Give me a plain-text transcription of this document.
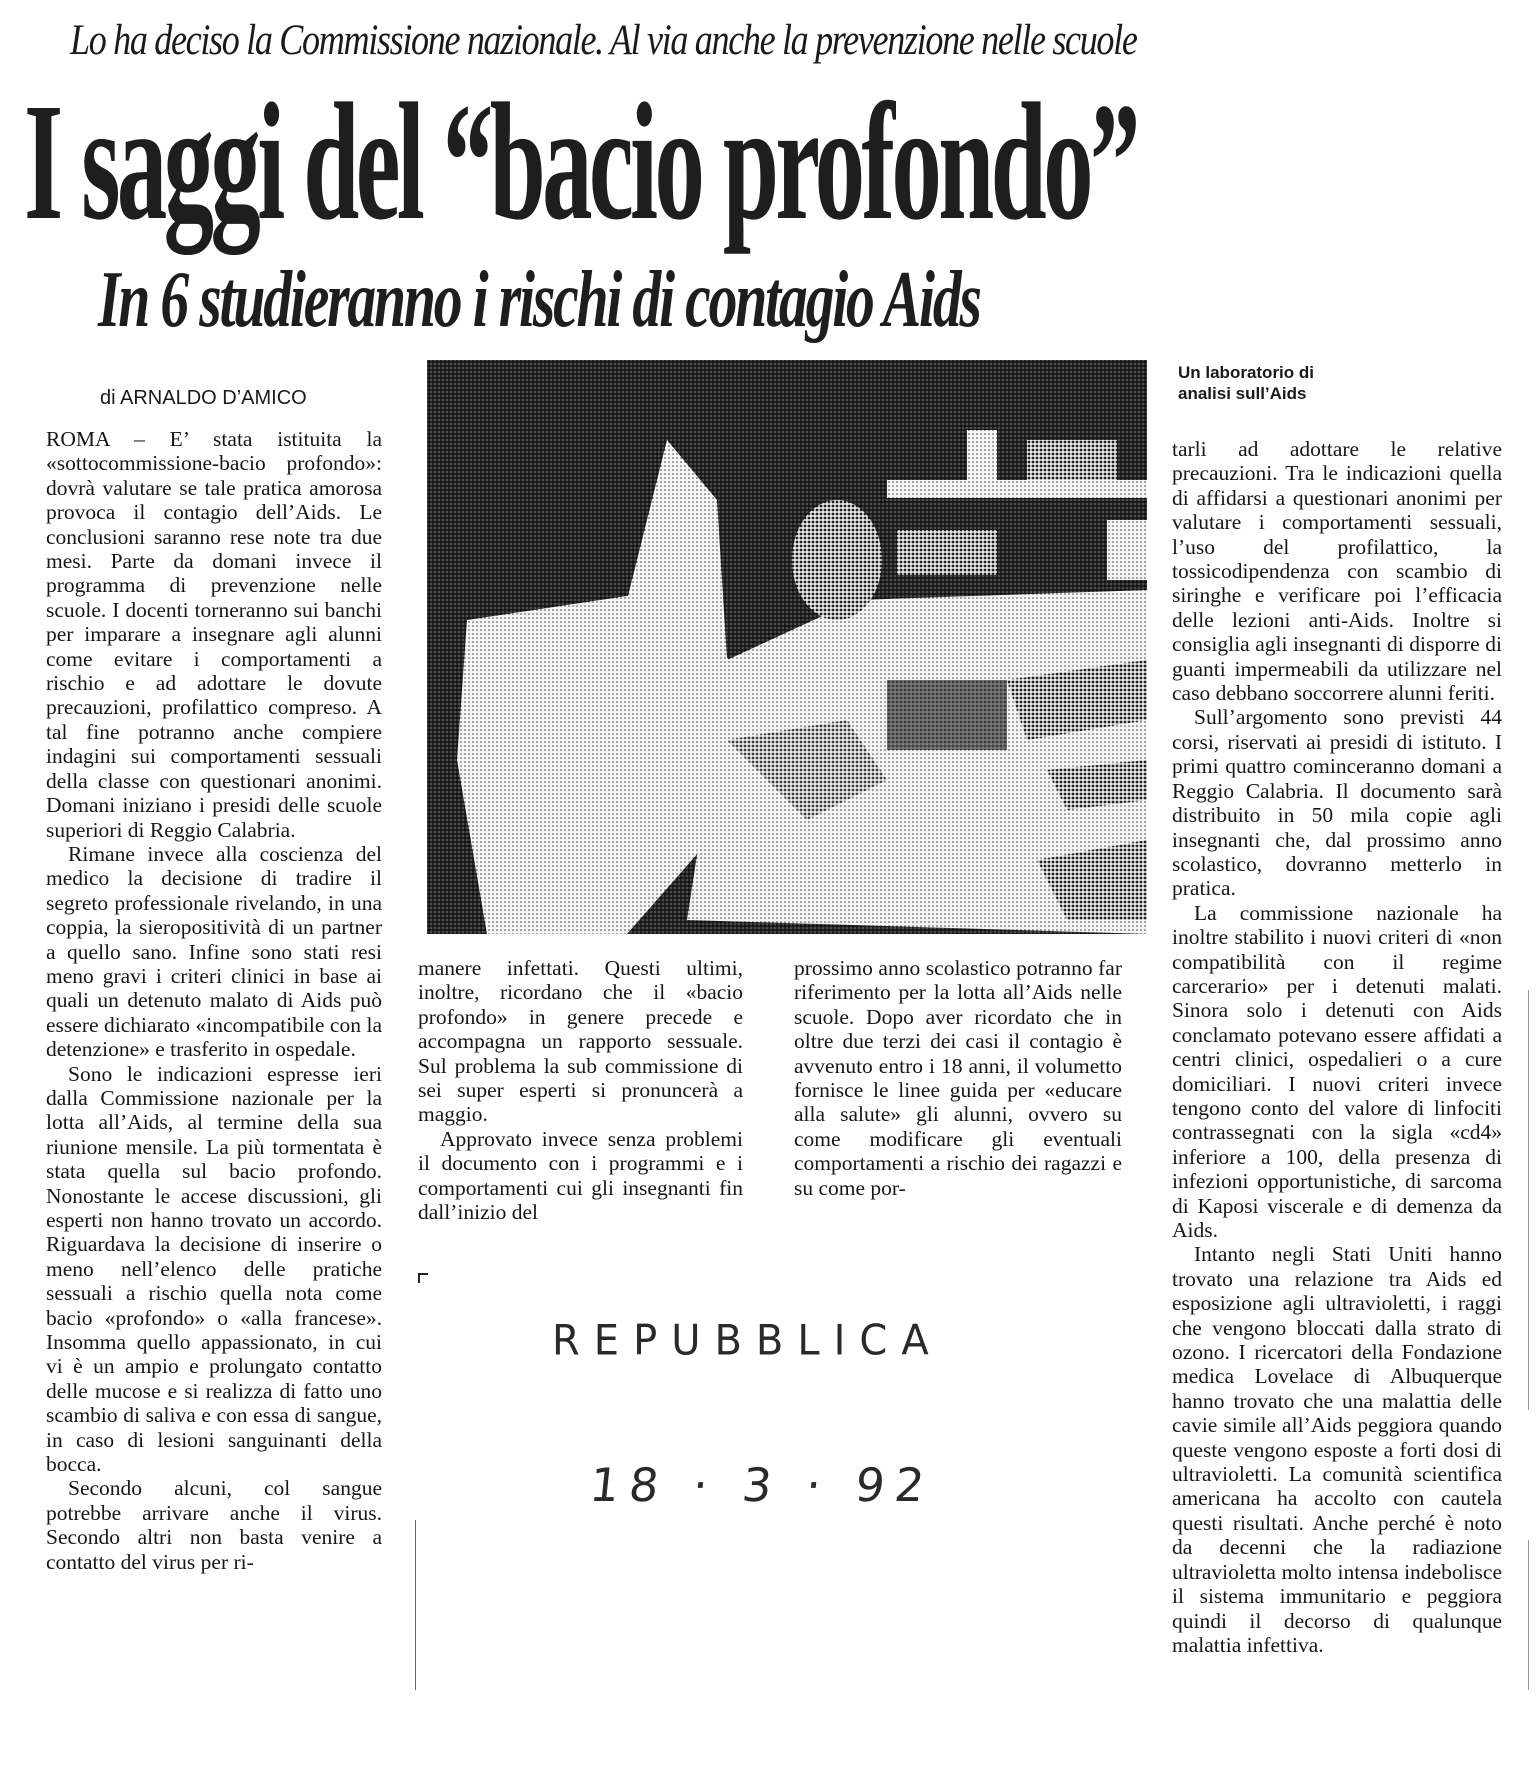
Lo ha deciso la Commissione nazionale. Al via anche la prevenzione nelle scuole
I saggi del “bacio profondo”
In 6 studieranno i rischi di contagio Aids
di ARNALDO D’AMICO

ROMA – E’ stata istituita la «sottocommissione-bacio profondo»: dovrà valutare se tale pratica amorosa provoca il contagio dell’Aids. Le conclusioni saranno rese note tra due mesi. Parte da domani invece il programma di prevenzione nelle scuole. I docenti torneranno sui banchi per imparare a insegnare agli alunni come evitare i comportamenti a rischio e ad adottare le dovute precauzioni, profilattico compreso. A tal fine potranno anche compiere indagini sui comportamenti sessuali della classe con questionari anonimi. Domani iniziano i presidi delle scuole superiori di Reggio Calabria.

Rimane invece alla coscienza del medico la decisione di tradire il segreto professionale rivelando, in una coppia, la sieropositività di un partner a quello sano. Infine sono stati resi meno gravi i criteri clinici in base ai quali un detenuto malato di Aids può essere dichiarato «incompatibile con la detenzione» e trasferito in ospedale.

Sono le indicazioni espresse ieri dalla Commissione nazionale per la lotta all’Aids, al termine della sua riunione mensile. La più tormentata è stata quella sul bacio profondo. Nonostante le accese discussioni, gli esperti non hanno trovato un accordo. Riguardava la decisione di inserire o meno nell’elenco delle pratiche sessuali a rischio quella nota come bacio «profondo» o «alla francese». Insomma quello appassionato, in cui vi è un ampio e prolungato contatto delle mucose e si realizza di fatto uno scambio di saliva e con essa di sangue, in caso di lesioni sanguinanti della bocca.

Secondo alcuni, col sangue potrebbe arrivare anche il virus. Secondo altri non basta venire a contatto del virus per ri-

Un laboratorio di
analisi sull’Aids

manere infettati. Questi ultimi, inoltre, ricordano che il «bacio profondo» in genere precede e accompagna un rapporto sessuale. Sul problema la sub commissione di sei super esperti si pronuncerà a maggio.

Approvato invece senza problemi il documento con i programmi e i comportamenti cui gli insegnanti fin dall’inizio del

prossimo anno scolastico potranno far riferimento per la lotta all’Aids nelle scuole. Dopo aver ricordato che in oltre due terzi dei casi il contagio è avvenuto entro i 18 anni, il volumetto fornisce le linee guida per «educare alla salute» gli alunni, ovvero su come modificare gli eventuali comportamenti a rischio dei ragazzi e su come por-

tarli ad adottare le relative precauzioni. Tra le indicazioni quella di affidarsi a questionari anonimi per valutare i comportamenti sessuali, l’uso del profilattico, la tossicodipendenza con scambio di siringhe e verificare poi l’efficacia delle lezioni anti-Aids. Inoltre si consiglia agli insegnanti di disporre di guanti impermeabili da utilizzare nel caso debbano soccorrere alunni feriti.

Sull’argomento sono previsti 44 corsi, riservati ai presidi di istituto. I primi quattro cominceranno domani a Reggio Calabria. Il documento sarà distribuito in 50 mila copie agli insegnanti che, dal prossimo anno scolastico, dovranno metterlo in pratica.

La commissione nazionale ha inoltre stabilito i nuovi criteri di «non compatibilità con il regime carcerario» per i detenuti malati. Sinora solo i detenuti con Aids conclamato potevano essere affidati a centri clinici, ospedalieri o a cure domiciliari. I nuovi criteri invece tengono conto del valore di linfociti contrassegnati con la sigla «cd4» inferiore a 100, della presenza di infezioni opportunistiche, di sarcoma di Kaposi viscerale e di demenza da Aids.

Intanto negli Stati Uniti hanno trovato una relazione tra Aids ed esposizione agli ultravioletti, i raggi che vengono bloccati dalla strato di ozono. I ricercatori della Fondazione medica Lovelace di Albuquerque hanno trovato che una malattia delle cavie simile all’Aids peggiora quando queste vengono esposte a forti dosi di ultravioletti. La comunità scientifica americana ha accolto con cautela questi risultati. Anche perché è noto da decenni che la radiazione ultravioletta molto intensa indebolisce il sistema immunitario e peggiora quindi il decorso di qualunque malattia infettiva.

REPUBBLICA
18 · 3 · 92
